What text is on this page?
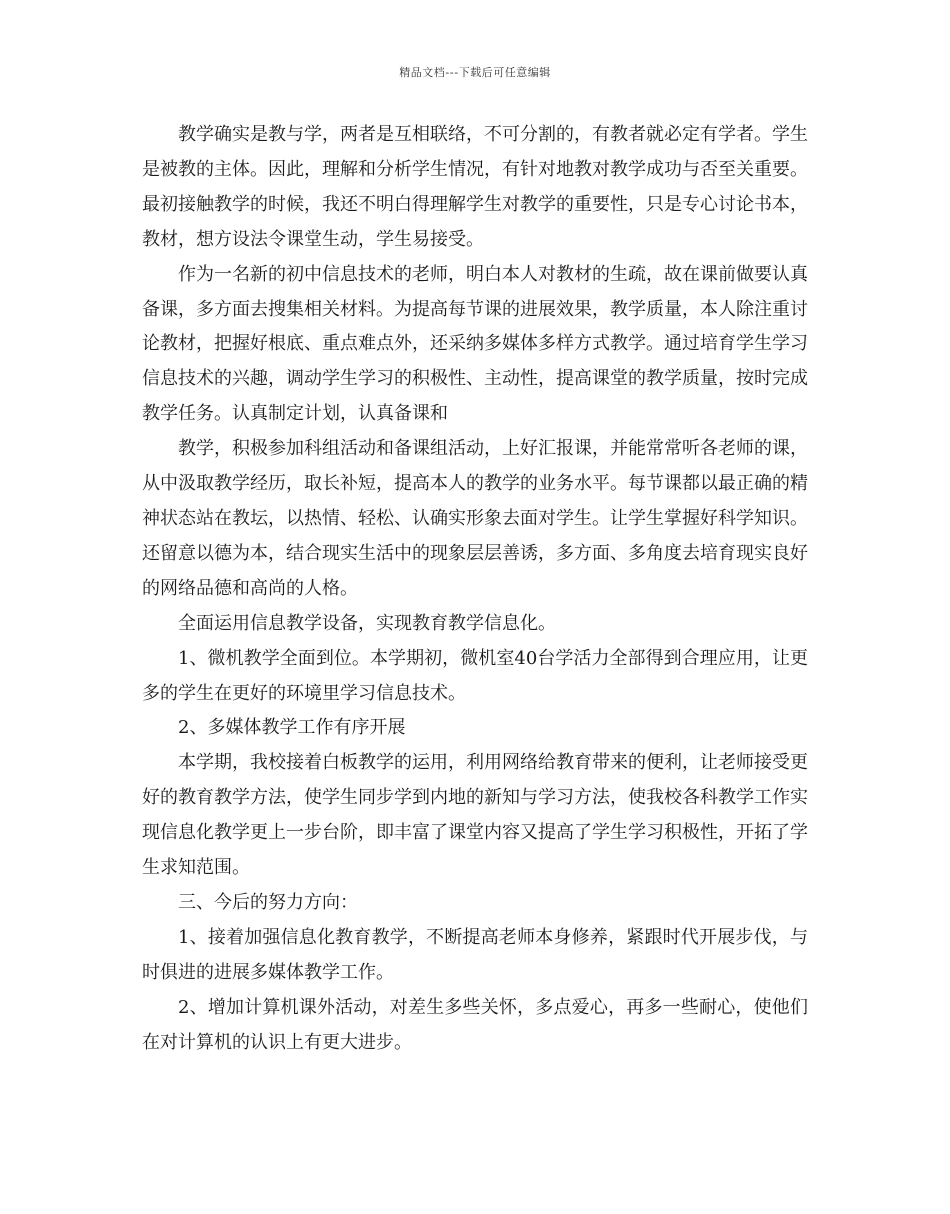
精品文档---下载后可任意编辑

教学确实是教与学，两者是互相联络，不可分割的，有教者就必定有学者。学生是被教的主体。因此，理解和分析学生情况，有针对地教对教学成功与否至关重要。最初接触教学的时候，我还不明白得理解学生对教学的重要性，只是专心讨论书本，教材，想方设法令课堂生动，学生易接受。

作为一名新的初中信息技术的老师，明白本人对教材的生疏，故在课前做要认真备课，多方面去搜集相关材料。为提高每节课的进展效果，教学质量，本人除注重讨论教材，把握好根底、重点难点外，还采纳多媒体多样方式教学。通过培育学生学习信息技术的兴趣，调动学生学习的积极性、主动性，提高课堂的教学质量，按时完成教学任务。认真制定计划，认真备课和

教学，积极参加科组活动和备课组活动，上好汇报课，并能常常听各老师的课，从中汲取教学经历，取长补短，提高本人的教学的业务水平。每节课都以最正确的精神状态站在教坛，以热情、轻松、认确实形象去面对学生。让学生掌握好科学知识。还留意以德为本，结合现实生活中的现象层层善诱，多方面、多角度去培育现实良好的网络品德和高尚的人格。

全面运用信息教学设备，实现教育教学信息化。

1、微机教学全面到位。本学期初，微机室40台学活力全部得到合理应用，让更多的学生在更好的环境里学习信息技术。

2、多媒体教学工作有序开展

本学期，我校接着白板教学的运用，利用网络给教育带来的便利，让老师接受更好的教育教学方法，使学生同步学到内地的新知与学习方法，使我校各科教学工作实现信息化教学更上一步台阶，即丰富了课堂内容又提高了学生学习积极性，开拓了学生求知范围。

三、今后的努力方向：

1、接着加强信息化教育教学，不断提高老师本身修养，紧跟时代开展步伐，与时俱进的进展多媒体教学工作。

2、增加计算机课外活动，对差生多些关怀，多点爱心，再多一些耐心，使他们在对计算机的认识上有更大进步。
